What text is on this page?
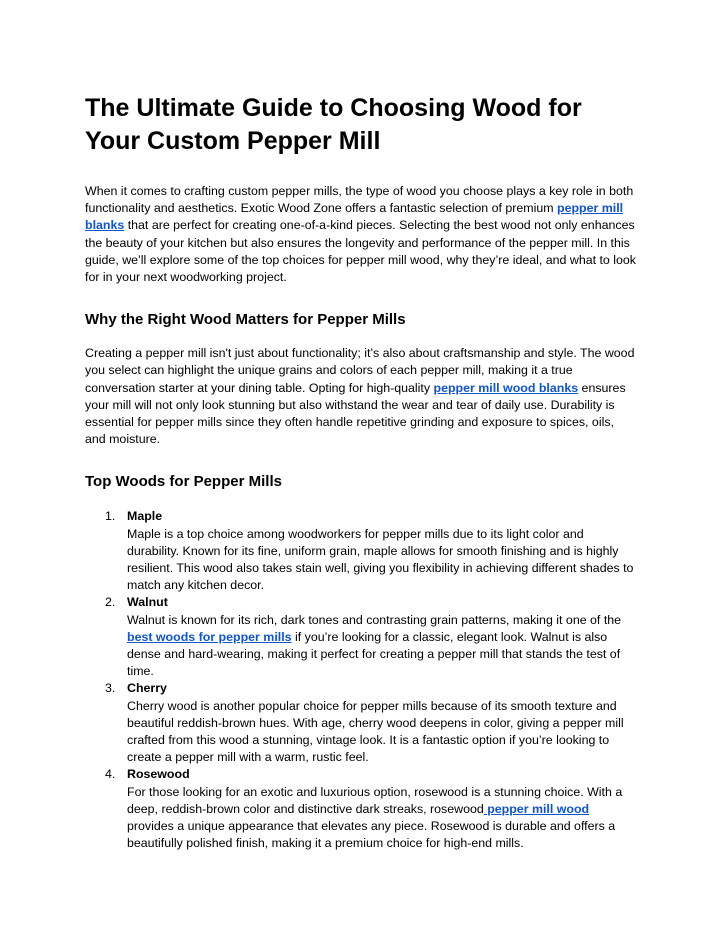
The Ultimate Guide to Choosing Wood for Your Custom Pepper Mill

When it comes to crafting custom pepper mills, the type of wood you choose plays a key role in both functionality and aesthetics. Exotic Wood Zone offers a fantastic selection of premium pepper mill blanks that are perfect for creating one-of-a-kind pieces. Selecting the best wood not only enhances the beauty of your kitchen but also ensures the longevity and performance of the pepper mill. In this guide, we’ll explore some of the top choices for pepper mill wood, why they’re ideal, and what to look for in your next woodworking project.

Why the Right Wood Matters for Pepper Mills

Creating a pepper mill isn't just about functionality; it’s also about craftsmanship and style. The wood you select can highlight the unique grains and colors of each pepper mill, making it a true conversation starter at your dining table. Opting for high-quality pepper mill wood blanks ensures your mill will not only look stunning but also withstand the wear and tear of daily use. Durability is essential for pepper mills since they often handle repetitive grinding and exposure to spices, oils, and moisture.

Top Woods for Pepper Mills
1. Maple
Maple is a top choice among woodworkers for pepper mills due to its light color and durability. Known for its fine, uniform grain, maple allows for smooth finishing and is highly resilient. This wood also takes stain well, giving you flexibility in achieving different shades to match any kitchen decor.
2. Walnut
Walnut is known for its rich, dark tones and contrasting grain patterns, making it one of the best woods for pepper mills if you’re looking for a classic, elegant look. Walnut is also dense and hard-wearing, making it perfect for creating a pepper mill that stands the test of time.
3. Cherry
Cherry wood is another popular choice for pepper mills because of its smooth texture and beautiful reddish-brown hues. With age, cherry wood deepens in color, giving a pepper mill crafted from this wood a stunning, vintage look. It is a fantastic option if you’re looking to create a pepper mill with a warm, rustic feel.
4. Rosewood
For those looking for an exotic and luxurious option, rosewood is a stunning choice. With a deep, reddish-brown color and distinctive dark streaks, rosewood pepper mill wood provides a unique appearance that elevates any piece. Rosewood is durable and offers a beautifully polished finish, making it a premium choice for high-end mills.
